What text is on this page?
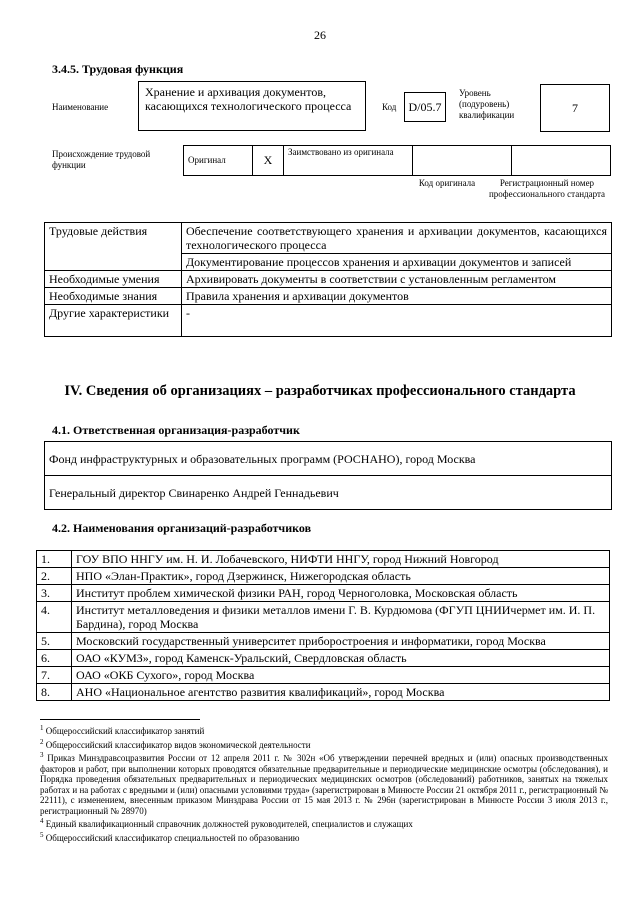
26
3.4.5. Трудовая функция
Наименование
Хранение и архивация документов, касающихся технологического процесса	Код	D/05.7
Уровень (подуровень) квалификации	7
Происхождение трудовой функции	Оригинал	X	Заимствовано из оригинала		
Код оригинала	Регистрационный номер профессионального стандарта
Трудовые действия	Обеспечение соответствующего хранения и архивации документов, касающихся технологического процесса
	Документирование процессов хранения и архивации документов и записей
Необходимые умения	Архивировать документы в соответствии с установленным регламентом
Необходимые знания	Правила хранения и архивации документов
Другие характеристики	-
IV. Сведения об организациях – разработчиках профессионального стандарта
4.1. Ответственная организация-разработчик
Фонд инфраструктурных и образовательных программ (РОСНАНО), город Москва
Генеральный директор Свинаренко Андрей Геннадьевич
4.2. Наименования организаций-разработчиков
1.	ГОУ ВПО ННГУ им. Н. И. Лобачевского, НИФТИ ННГУ, город Нижний Новгород
2.	НПО «Элан-Практик», город Дзержинск, Нижегородская область
3.	Институт проблем химической физики РАН, город Черноголовка, Московская область
4.	Институт металловедения и физики металлов имени Г. В. Курдюмова (ФГУП ЦНИИчермет им. И. П. Бардина), город Москва
5.	Московский государственный университет приборостроения и информатики, город Москва
6.	ОАО «КУМЗ», город Каменск-Уральский, Свердловская область
7.	ОАО «ОКБ Сухого», город Москва
8.	АНО «Национальное агентство развития квалификаций», город Москва

$^1$ Общероссийский классификатор занятий

$^2$ Общероссийский классификатор видов экономической деятельности

$^3$ Приказ Минздравсоцразвития России от 12 апреля 2011 г. № 302н «Об утверждении перечней вредных и (или) опасных производственных факторов и работ, при выполнении которых проводятся обязательные предварительные и периодические медицинские осмотры (обследования), и Порядка проведения обязательных предварительных и периодических медицинских осмотров (обследований) работников, занятых на тяжелых работах и на работах с вредными и (или) опасными условиями труда» (зарегистрирован в Минюсте России 21 октября 2011 г., регистрационный № 22111), с изменением, внесенным приказом Минздрава России от 15 мая 2013 г. № 296н (зарегистрирован в Минюсте России 3 июля 2013 г., регистрационный № 28970)

$^4$ Единый квалификационный справочник должностей руководителей, специалистов и служащих

$^5$ Общероссийский классификатор специальностей по образованию
